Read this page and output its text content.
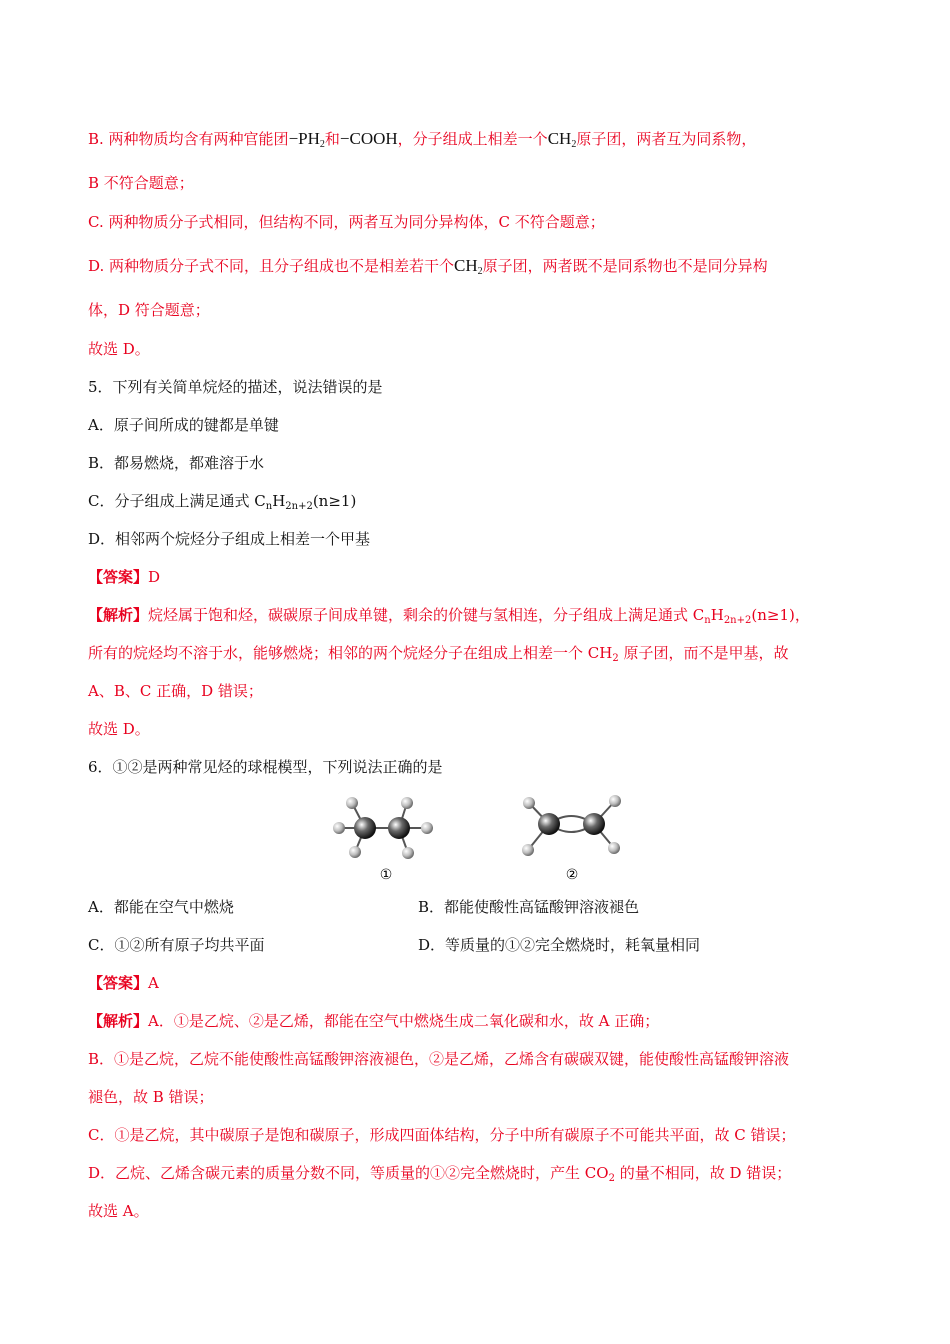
B. 两种物质均含有两种官能团$-PH_2$和−COOH，分子组成上相差一个$CH_2$原子团，两者互为同系物，
B 不符合题意；
C. 两种物质分子式相同，但结构不同，两者互为同分异构体，C 不符合题意；
D. 两种物质分子式不同，且分子组成也不是相差若干个$CH_2$原子团，两者既不是同系物也不是同分异构
体，D 符合题意；
故选 D。
5．下列有关简单烷烃的描述，说法错误的是
A．原子间所成的键都是单键
B．都易燃烧，都难溶于水
C．分子组成上满足通式 $C_nH_{2n+2}(n\ge 1)$
D．相邻两个烷烃分子组成上相差一个甲基
【答案】D
【解析】烷烃属于饱和烃，碳碳原子间成单键，剩余的价键与氢相连，分子组成上满足通式 $C_nH_{2n+2}(n\ge 1)$，
所有的烷烃均不溶于水，能够燃烧；相邻的两个烷烃分子在组成上相差一个 $CH_2$ 原子团，而不是甲基，故
A、B、C 正确，D 错误；
故选 D。
6．①②是两种常见烃的球棍模型，下列说法正确的是
①	②
A．都能在空气中燃烧	B．都能使酸性高锰酸钾溶液褪色
C．①②所有原子均共平面	D．等质量的①②完全燃烧时，耗氧量相同
【答案】A
【解析】A．①是乙烷、②是乙烯，都能在空气中燃烧生成二氧化碳和水，故 A 正确；
B．①是乙烷，乙烷不能使酸性高锰酸钾溶液褪色，②是乙烯，乙烯含有碳碳双键，能使酸性高锰酸钾溶液
褪色，故 B 错误；
C．①是乙烷，其中碳原子是饱和碳原子，形成四面体结构，分子中所有碳原子不可能共平面，故 C 错误；
D．乙烷、乙烯含碳元素的质量分数不同，等质量的①②完全燃烧时，产生 $CO_2$ 的量不相同，故 D 错误；
故选 A。
